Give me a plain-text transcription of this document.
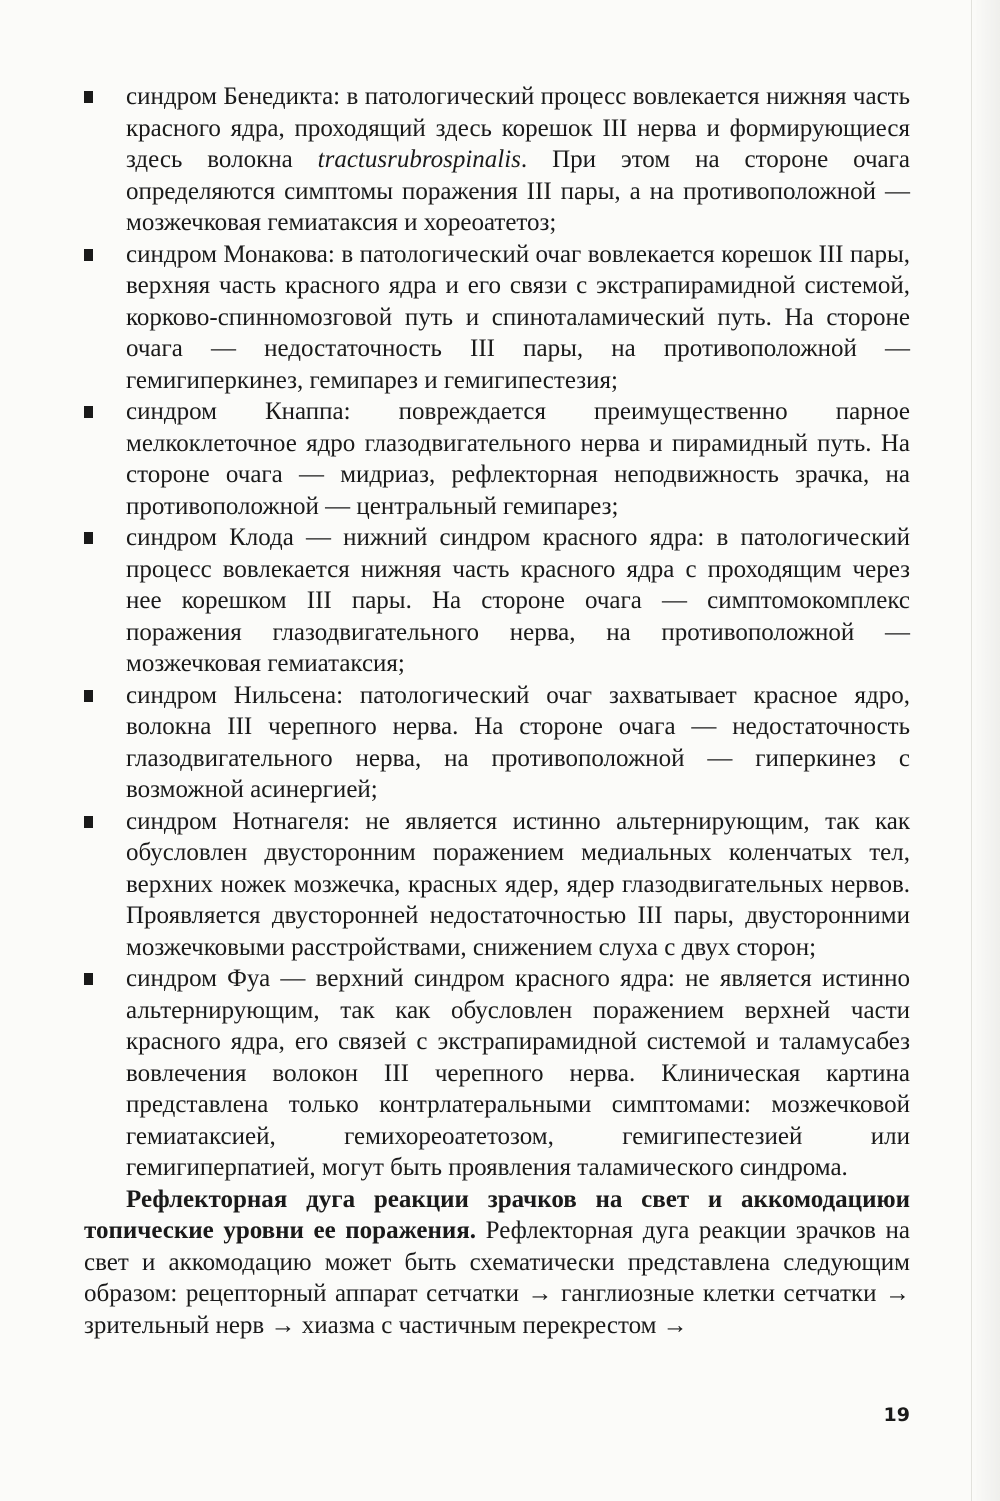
синдром Бенедикта: в патологический процесс вовлекается нижняя часть красного ядра, проходящий здесь корешок III нерва и формирующиеся здесь волокна tractusrubrospinalis. При этом на стороне очага определяются симптомы поражения III пары, а на противоположной — мозжечковая гемиатаксия и хореоатетоз;
синдром Монакова: в патологический очаг вовлекается корешок III пары, верхняя часть красного ядра и его связи с экстрапирамидной системой, корково-спинномозговой путь и спиноталамический путь. На стороне очага — недостаточность III пары, на противоположной — гемигиперкинез, гемипарез и гемигипестезия;
синдром Кнаппа: повреждается преимущественно парное мелкоклеточное ядро глазодвигательного нерва и пирамидный путь. На стороне очага — мидриаз, рефлекторная неподвижность зрачка, на противоположной — центральный гемипарез;
синдром Клода — нижний синдром красного ядра: в патологический процесс вовлекается нижняя часть красного ядра с проходящим через нее корешком III пары. На стороне очага — симптомокомплекс поражения глазодвигательного нерва, на противоположной — мозжечковая гемиатаксия;
синдром Нильсена: патологический очаг захватывает красное ядро, волокна III черепного нерва. На стороне очага — недостаточность глазодвигательного нерва, на противоположной — гиперкинез с возможной асинергией;
синдром Нотнагеля: не является истинно альтернирующим, так как обусловлен двусторонним поражением медиальных коленчатых тел, верхних ножек мозжечка, красных ядер, ядер глазодвигательных нервов. Проявляется двусторонней недостаточностью III пары, двусторонними мозжечковыми расстройствами, снижением слуха с двух сторон;
синдром Фуа — верхний синдром красного ядра: не является истинно альтернирующим, так как обусловлен поражением верхней части красного ядра, его связей с экстрапирамидной системой и таламусабез вовлечения волокон III черепного нерва. Клиническая картина представлена только контрлатеральными симптомами: мозжечковой гемиатаксией, гемихореоатетозом, гемигипестезией или гемигиперпатией, могут быть проявления таламического синдрома.

Рефлекторная дуга реакции зрачков на свет и аккомодациюи топические уровни ее поражения. Рефлекторная дуга реакции зрачков на свет и аккомодацию может быть схематически представлена следующим образом: рецепторный аппарат сетчатки → ганглиозные клетки сетчатки → зрительный нерв → хиазма с частичным перекрестом →

19
